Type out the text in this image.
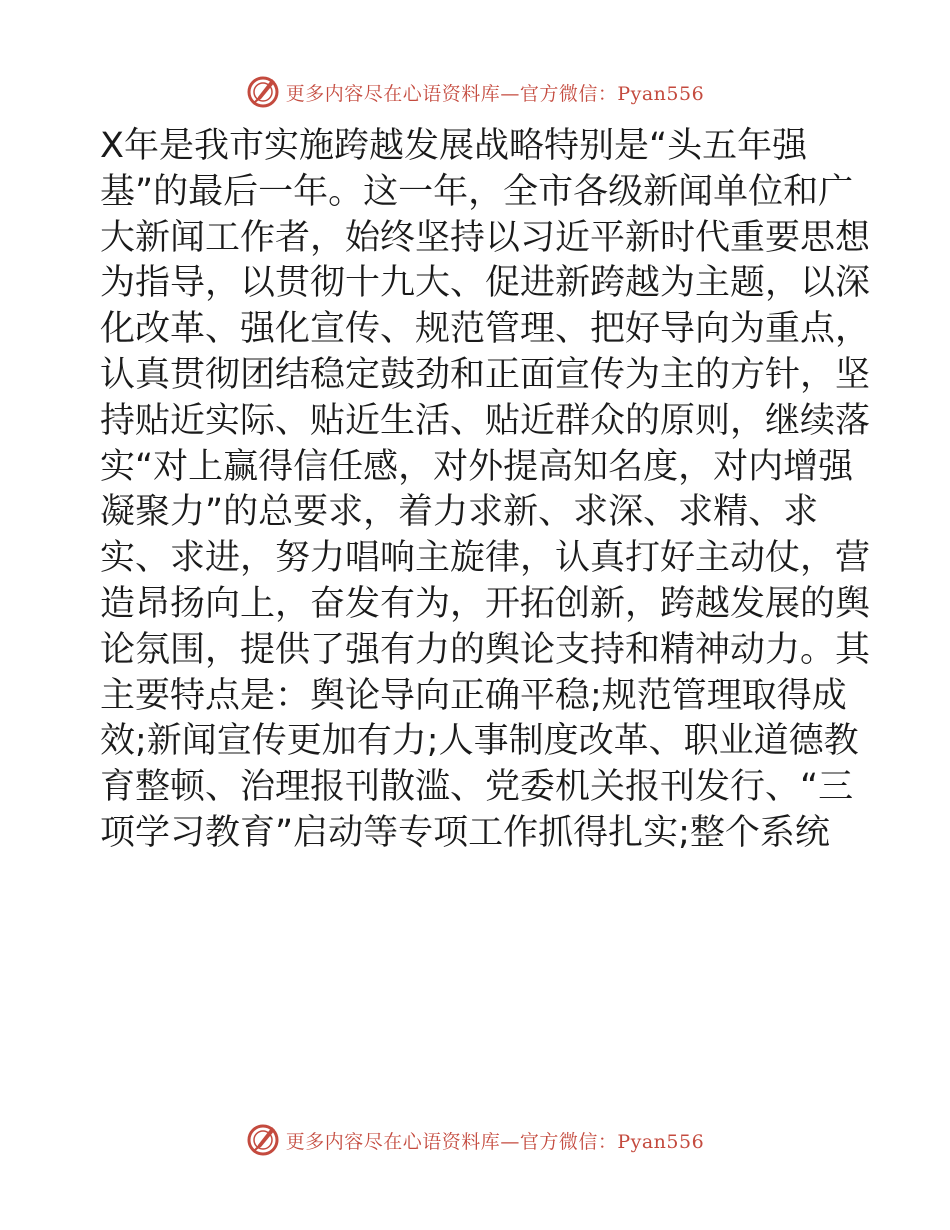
更多内容尽在心语资料库—官方微信：Pyan556
X年是我市实施跨越发展战略特别是“头五年强
基”的最后一年。这一年，全市各级新闻单位和广
大新闻工作者，始终坚持以习近平新时代重要思想
为指导，以贯彻十九大、促进新跨越为主题，以深
化改革、强化宣传、规范管理、把好导向为重点，
认真贯彻团结稳定鼓劲和正面宣传为主的方针，坚
持贴近实际、贴近生活、贴近群众的原则，继续落
实“对上赢得信任感，对外提高知名度，对内增强
凝聚力”的总要求，着力求新、求深、求精、求
实、求进，努力唱响主旋律，认真打好主动仗，营
造昂扬向上，奋发有为，开拓创新，跨越发展的舆
论氛围，提供了强有力的舆论支持和精神动力。其
主要特点是：舆论导向正确平稳;规范管理取得成
效;新闻宣传更加有力;人事制度改革、职业道德教
育整顿、治理报刊散滥、党委机关报刊发行、“三
项学习教育”启动等专项工作抓得扎实;整个系统
更多内容尽在心语资料库—官方微信：Pyan556
